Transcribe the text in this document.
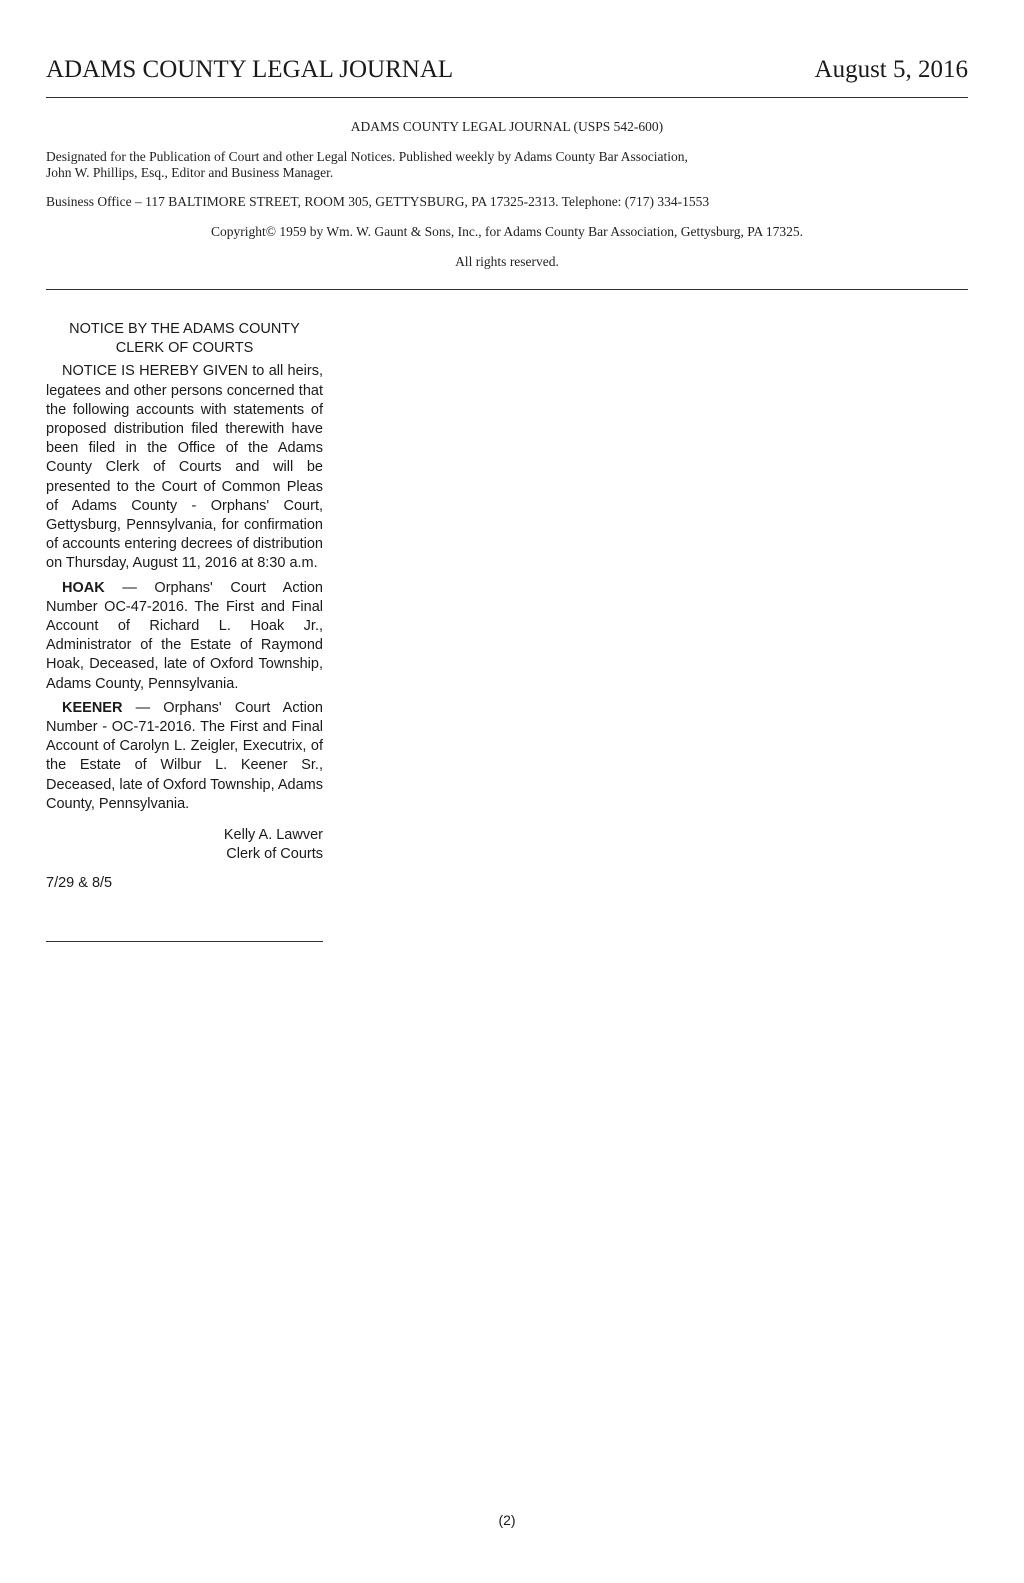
ADAMS COUNTY LEGAL JOURNAL	August 5, 2016
ADAMS COUNTY LEGAL JOURNAL (USPS 542-600)
Designated for the Publication of Court and other Legal Notices. Published weekly by Adams County Bar Association,
John W. Phillips, Esq., Editor and Business Manager.
Business Office – 117 BALTIMORE STREET, ROOM 305, GETTYSBURG, PA 17325-2313. Telephone: (717) 334-1553
Copyright© 1959 by Wm. W. Gaunt & Sons, Inc., for Adams County Bar Association, Gettysburg, PA 17325.
All rights reserved.
NOTICE BY THE ADAMS COUNTY
CLERK OF COURTS

NOTICE IS HEREBY GIVEN to all heirs, legatees and other persons concerned that the following accounts with statements of proposed distribution filed therewith have been filed in the Office of the Adams County Clerk of Courts and will be presented to the Court of Common Pleas of Adams County - Orphans' Court, Gettysburg, Pennsylvania, for confirmation of accounts entering decrees of distribution on Thursday, August 11, 2016 at 8:30 a.m.

HOAK — Orphans' Court Action Number OC-47-2016. The First and Final Account of Richard L. Hoak Jr., Administrator of the Estate of Raymond Hoak, Deceased, late of Oxford Township, Adams County, Pennsylvania.

KEENER — Orphans' Court Action Number - OC-71-2016. The First and Final Account of Carolyn L. Zeigler, Executrix, of the Estate of Wilbur L. Keener Sr., Deceased, late of Oxford Township, Adams County, Pennsylvania.

Kelly A. Lawver
Clerk of Courts
7/29 & 8/5
(2)
